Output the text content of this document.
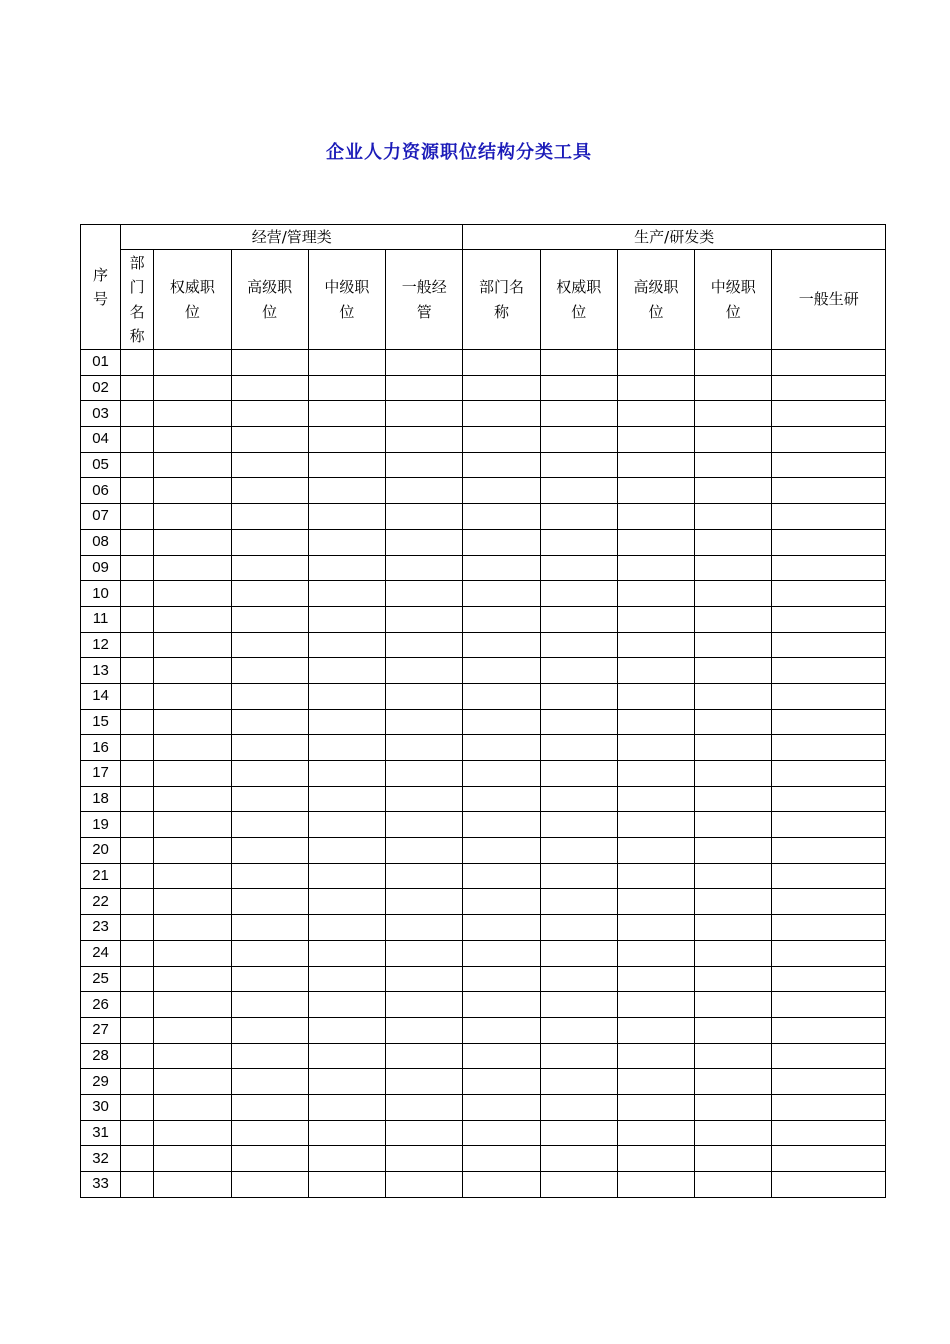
企业人力资源职位结构分类工具
序号	经营/管理类					生产/研发类				
	部门名称	权威职位	高级职位	中级职位	一般经管	部门名称	权威职位	高级职位	中级职位	一般生研
01										
02										
03										
04										
05										
06										
07										
08										
09										
10										
11										
12										
13										
14										
15										
16										
17										
18										
19										
20										
21										
22										
23										
24										
25										
26										
27										
28										
29										
30										
31										
32										
33										
